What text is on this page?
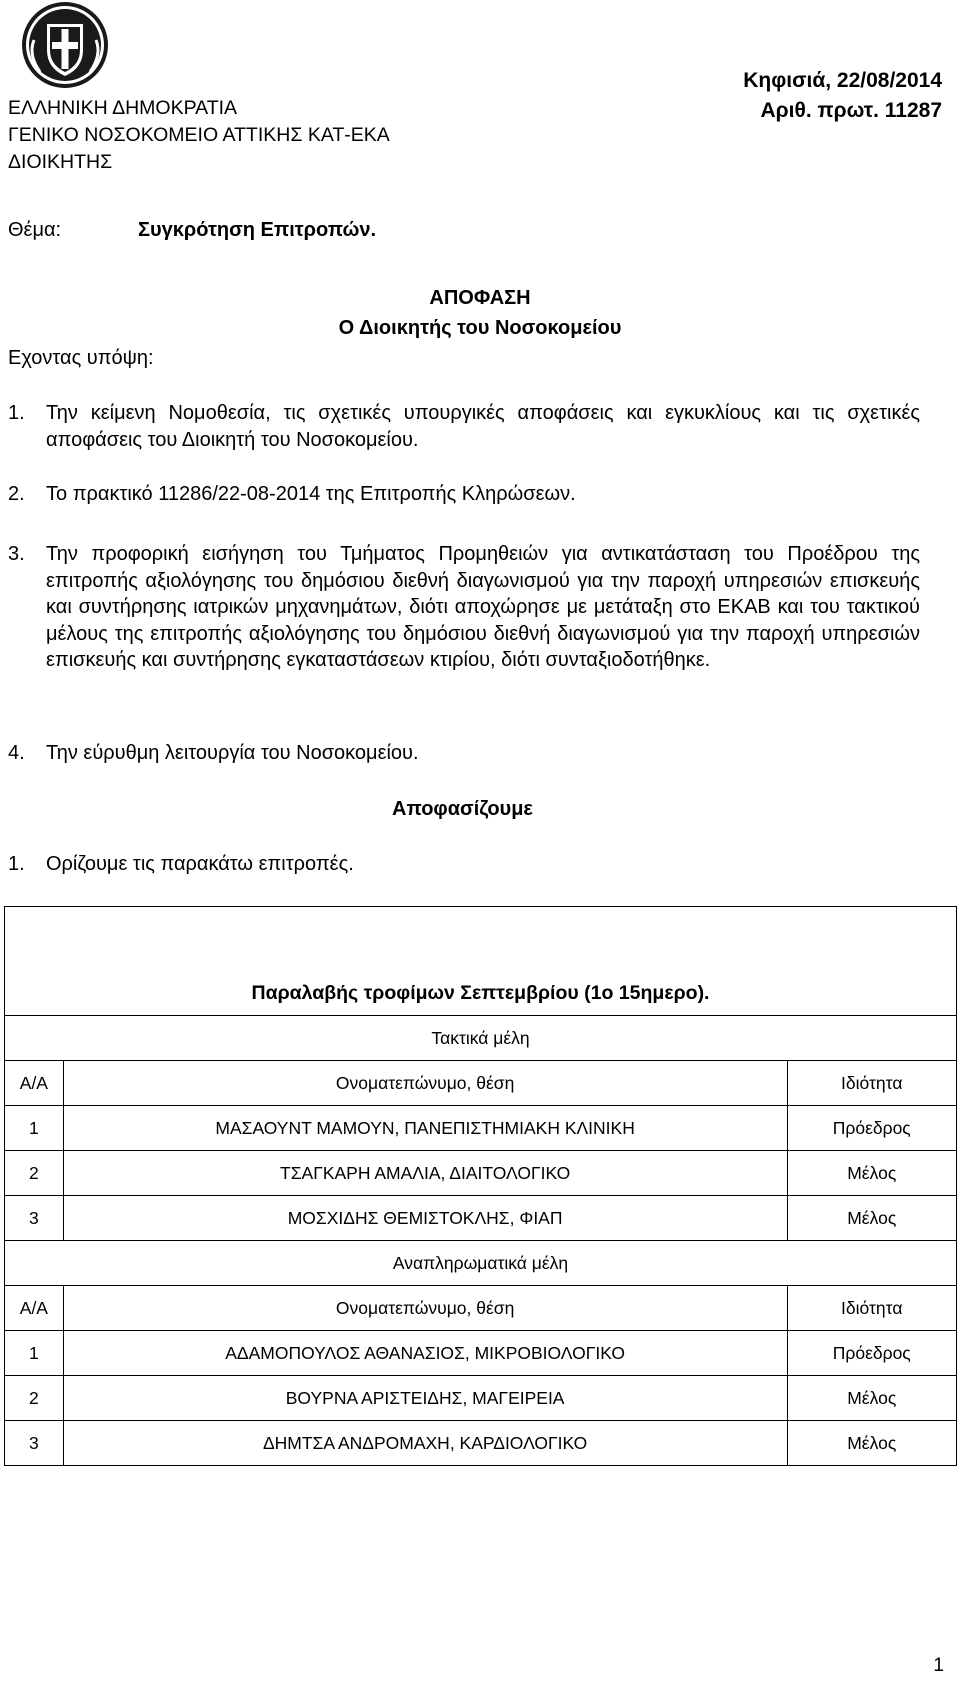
ΕΛΛΗΝΙΚΗ ΔΗΜΟΚΡΑΤΙΑ
ΓΕΝΙΚΟ ΝΟΣΟΚΟΜΕΙΟ ΑΤΤΙΚΗΣ ΚΑΤ-ΕΚΑ
ΔΙΟΙΚΗΤΗΣ
Κηφισιά, 22/08/2014
Αριθ. πρωτ. 11287
Θέμα:	Συγκρότηση Επιτροπών.
ΑΠΟΦΑΣΗ
Ο Διοικητής του Νοσοκομείου
Εχοντας υπόψη:
1. Την κείμενη Νομοθεσία, τις σχετικές υπουργικές αποφάσεις και εγκυκλίους και τις σχετικές αποφάσεις του Διοικητή του Νοσοκομείου.
2. Το πρακτικό 11286/22-08-2014 της Επιτροπής Κληρώσεων.
3. Την προφορική εισήγηση του Τμήματος Προμηθειών για αντικατάσταση του Προέδρου της επιτροπής αξιολόγησης του δημόσιου διεθνή διαγωνισμού για την παροχή υπηρεσιών επισκευής και συντήρησης ιατρικών μηχανημάτων, διότι αποχώρησε με μετάταξη στο ΕΚΑΒ και του τακτικού μέλους της επιτροπής αξιολόγησης του δημόσιου διεθνή διαγωνισμού για την παροχή υπηρεσιών επισκευής και συντήρησης εγκαταστάσεων κτιρίου, διότι συνταξιοδοτήθηκε.
4. Την εύρυθμη λειτουργία του Νοσοκομείου.
Αποφασίζουμε
1. Ορίζουμε τις παρακάτω επιτροπές.
Παραλαβής τροφίμων Σεπτεμβρίου (1ο 15ημερο).		
Τακτικά μέλη		
Α/Α	Ονοματεπώνυμο, θέση	Ιδιότητα
1	ΜΑΣΑΟΥΝΤ ΜΑΜΟΥΝ, ΠΑΝΕΠΙΣΤΗΜΙΑΚΗ ΚΛΙΝΙΚΗ	Πρόεδρος
2	ΤΣΑΓΚΑΡΗ ΑΜΑΛΙΑ, ΔΙΑΙΤΟΛΟΓΙΚΟ	Μέλος
3	ΜΟΣΧΙΔΗΣ ΘΕΜΙΣΤΟΚΛΗΣ, ΦΙΑΠ	Μέλος
Αναπληρωματικά μέλη		
Α/Α	Ονοματεπώνυμο, θέση	Ιδιότητα
1	ΑΔΑΜΟΠΟΥΛΟΣ ΑΘΑΝΑΣΙΟΣ, ΜΙΚΡΟΒΙΟΛΟΓΙΚΟ	Πρόεδρος
2	ΒΟΥΡΝΑ ΑΡΙΣΤΕΙΔΗΣ, ΜΑΓΕΙΡΕΙΑ	Μέλος
3	ΔΗΜΤΣΑ ΑΝΔΡΟΜΑΧΗ, ΚΑΡΔΙΟΛΟΓΙΚΟ	Μέλος
1
